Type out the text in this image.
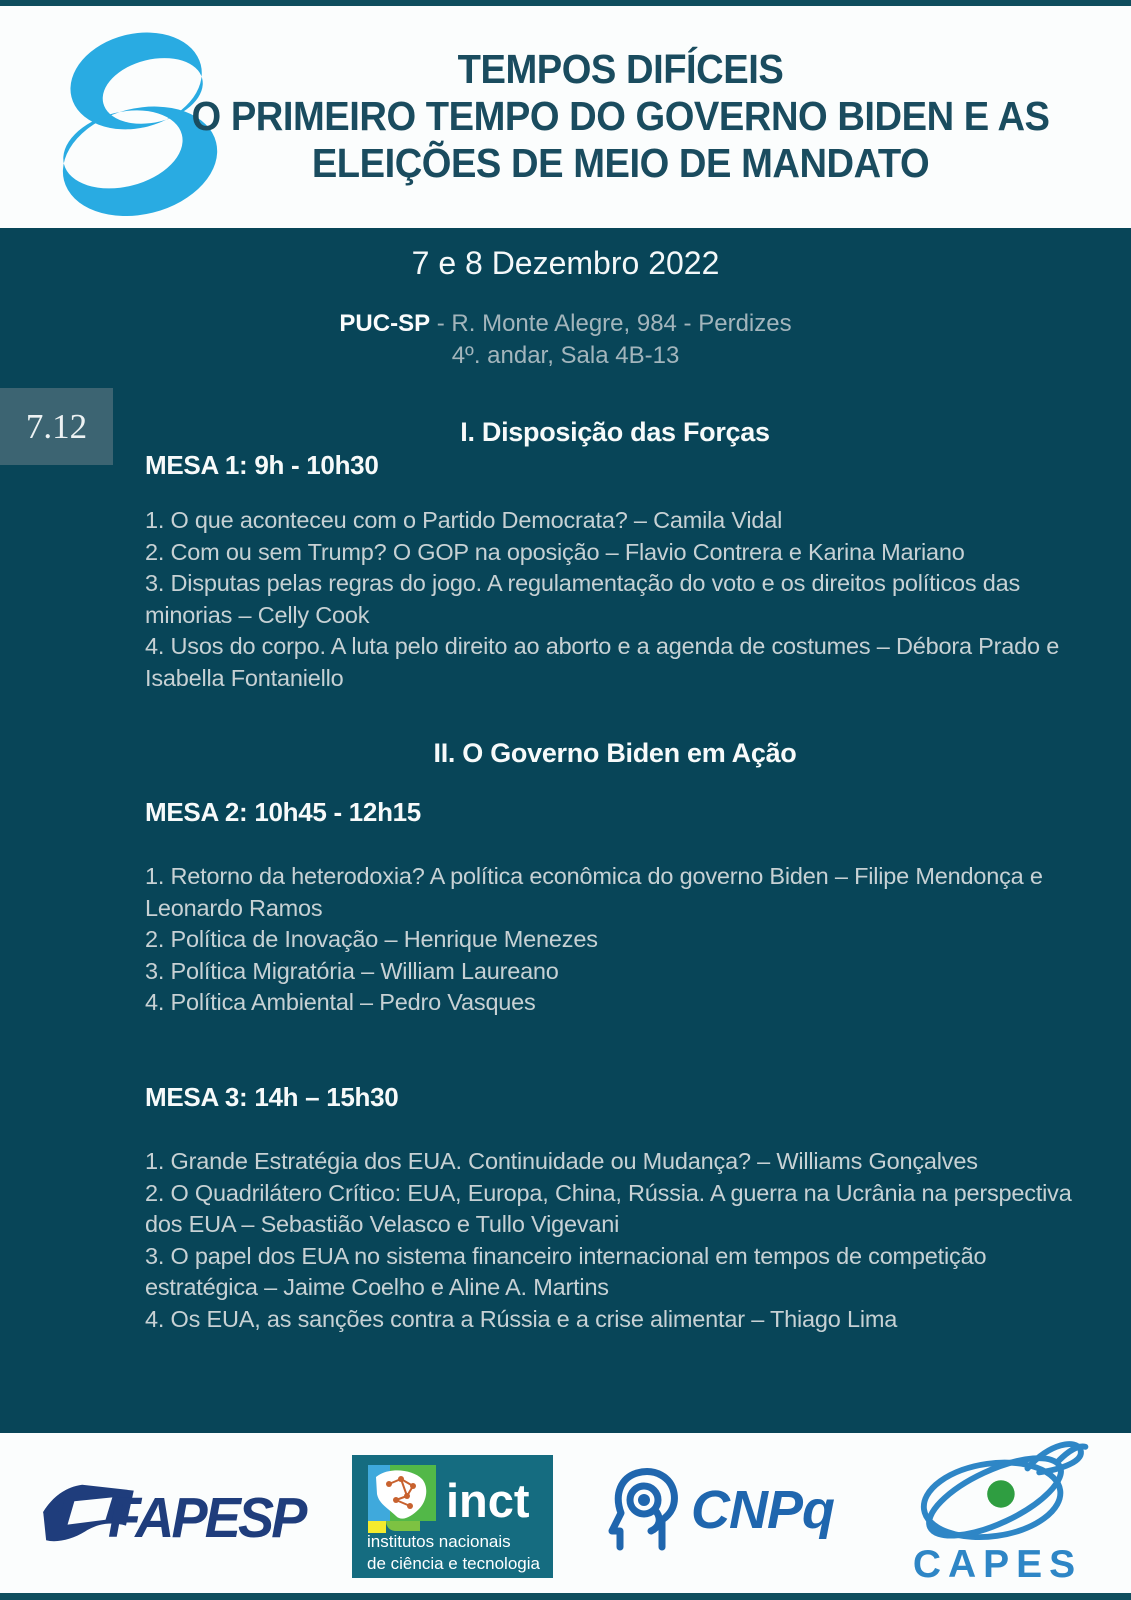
TEMPOS DIFÍCEIS
O PRIMEIRO TEMPO DO GOVERNO BIDEN E AS
ELEIÇÕES DE MEIO DE MANDATO
7 e 8 Dezembro 2022
PUC-SP - R. Monte Alegre, 984 - Perdizes
4º. andar, Sala 4B-13
7.12	I. Disposição das Forças
MESA 1: 9h - 10h30

1. O que aconteceu com o Partido Democrata? – Camila Vidal

2. Com ou sem Trump? O GOP na oposição – Flavio Contrera e Karina Mariano

3. Disputas pelas regras do jogo. A regulamentação do voto e os direitos políticos das minorias – Celly Cook

4. Usos do corpo. A luta pelo direito ao aborto e a agenda de costumes – Débora Prado e Isabella Fontaniello

II. O Governo Biden em Ação
MESA 2: 10h45 - 12h15

1. Retorno da heterodoxia? A política econômica do governo Biden – Filipe Mendonça e Leonardo Ramos

2. Política de Inovação – Henrique Menezes

3. Política Migratória – William Laureano

4. Política Ambiental – Pedro Vasques

MESA 3: 14h – 15h30

1. Grande Estratégia dos EUA. Continuidade ou Mudança? – Williams Gonçalves

2. O Quadrilátero Crítico: EUA, Europa, China, Rússia. A guerra na Ucrânia na perspectiva dos EUA – Sebastião Velasco e Tullo Vigevani

3. O papel dos EUA no sistema financeiro internacional em tempos de competição estratégica – Jaime Coelho e Aline A. Martins

4. Os EUA, as sanções contra a Rússia e a crise alimentar – Thiago Lima

FAPESP	inct
institutos nacionais
de ciência e tecnologia
CNPq
CAPES
